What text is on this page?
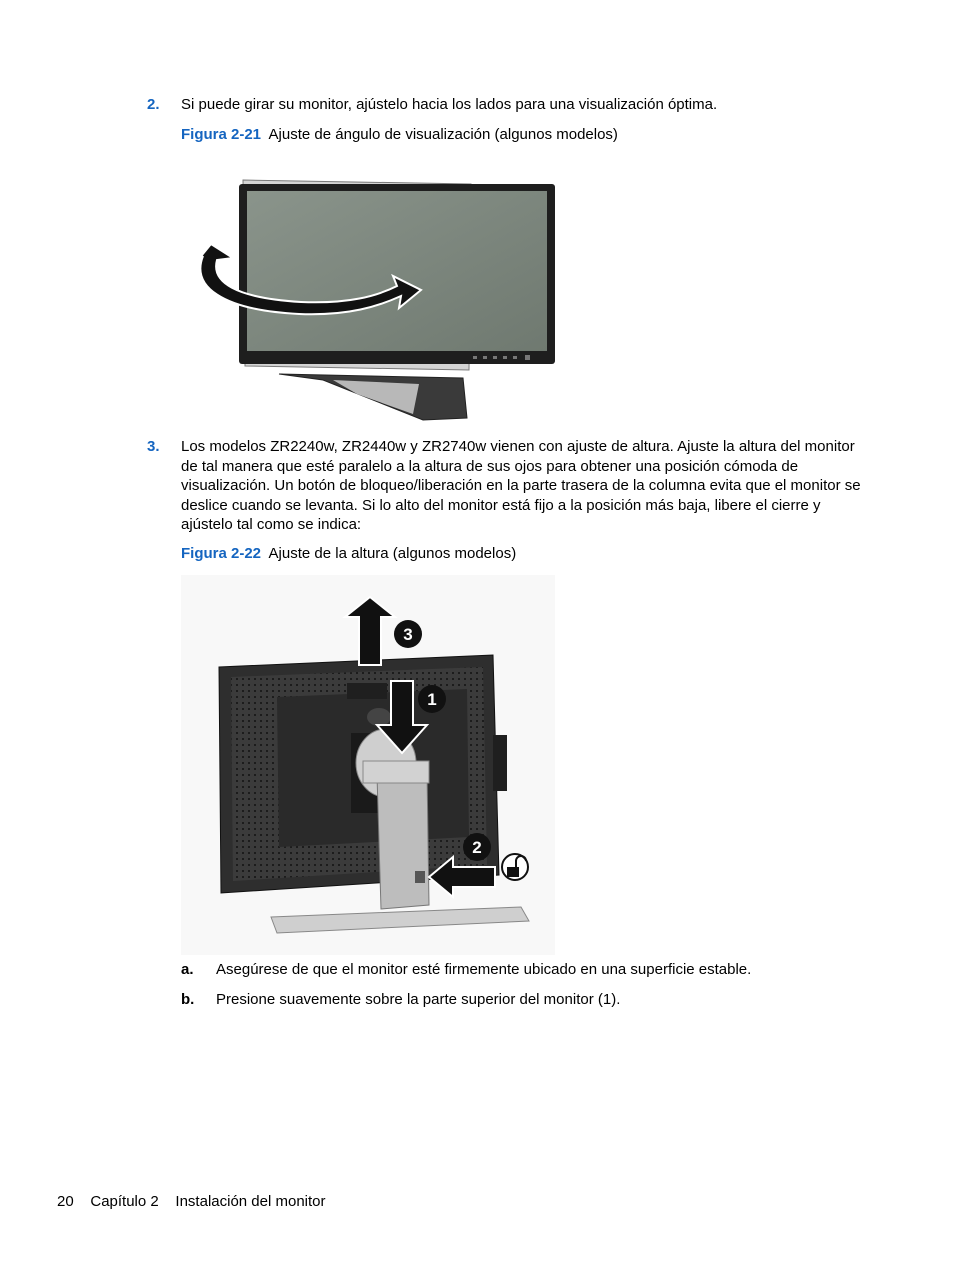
2. Si puede girar su monitor, ajústelo hacia los lados para una visualización óptima.
Figura 2-21 Ajuste de ángulo de visualización (algunos modelos)
3. Los modelos ZR2240w, ZR2440w y ZR2740w vienen con ajuste de altura. Ajuste la altura del monitor de tal manera que esté paralelo a la altura de sus ojos para obtener una posición cómoda de visualización. Un botón de bloqueo/liberación en la parte trasera de la columna evita que el monitor se deslice cuando se levanta. Si lo alto del monitor está fijo a la posición más baja, libere el cierre y ajústelo tal como se indica:
Figura 2-22 Ajuste de la altura (algunos modelos)
3
1
2
a. Asegúrese de que el monitor esté firmemente ubicado en una superficie estable.
b. Presione suavemente sobre la parte superior del monitor (1).
20 Capítulo 2 Instalación del monitor
